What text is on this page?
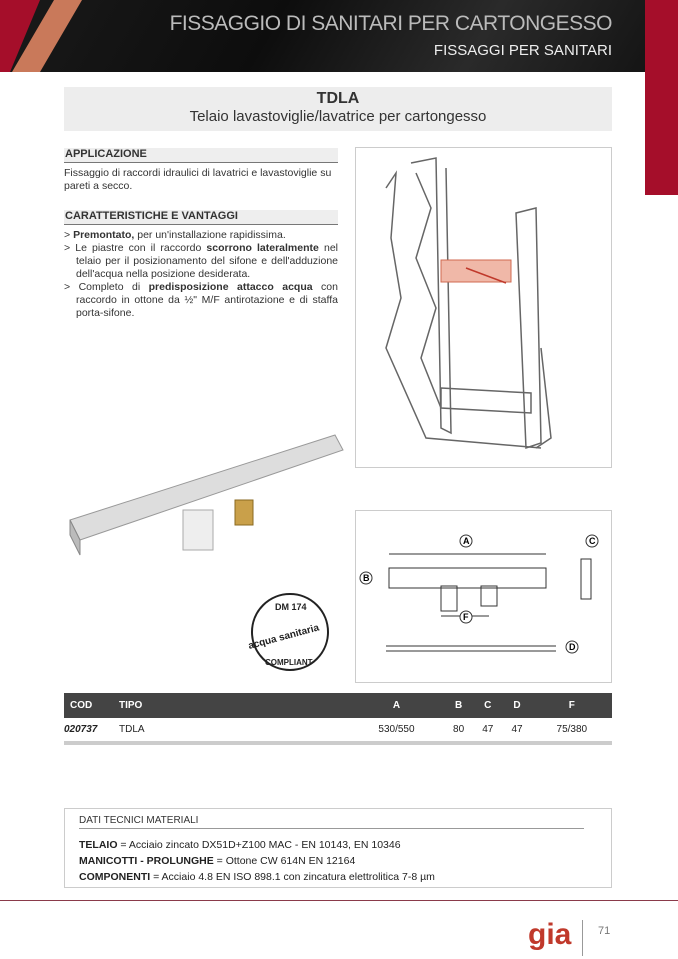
FISSAGGIO DI SANITARI PER CARTONGESSO
FISSAGGI PER SANITARI
TDLA
Telaio lavastoviglie/lavatrice per cartongesso
APPLICAZIONE

Fissaggio di raccordi idraulici di lavatrici e lavastoviglie su pareti a secco.

CARATTERISTICHE E VANTAGGI
> Premontato, per un'installazione rapidissima.
> Le piastre con il raccordo scorrono lateralmente nel telaio per il posizionamento del sifone e dell'adduzione dell'acqua nella posizione desiderata.
> Completo di predisposizione attacco acqua con raccordo in ottone da ½" M/F antirotazione e di staffa porta-sifone.
DM 174
acqua sanitaria
COMPLIANT
A
B
C
D
F
COD	TIPO	A	B	C	D	F
020737	TDLA	530/550	80	47	47	75/380
DATI TECNICI MATERIALI
TELAIO = Acciaio zincato DX51D+Z100 MAC - EN 10143, EN 10346
MANICOTTI - PROLUNGHE = Ottone CW 614N EN 12164
COMPONENTI = Acciaio 4.8 EN ISO 898.1 con zincatura elettrolitica 7-8 µm
gia 71
